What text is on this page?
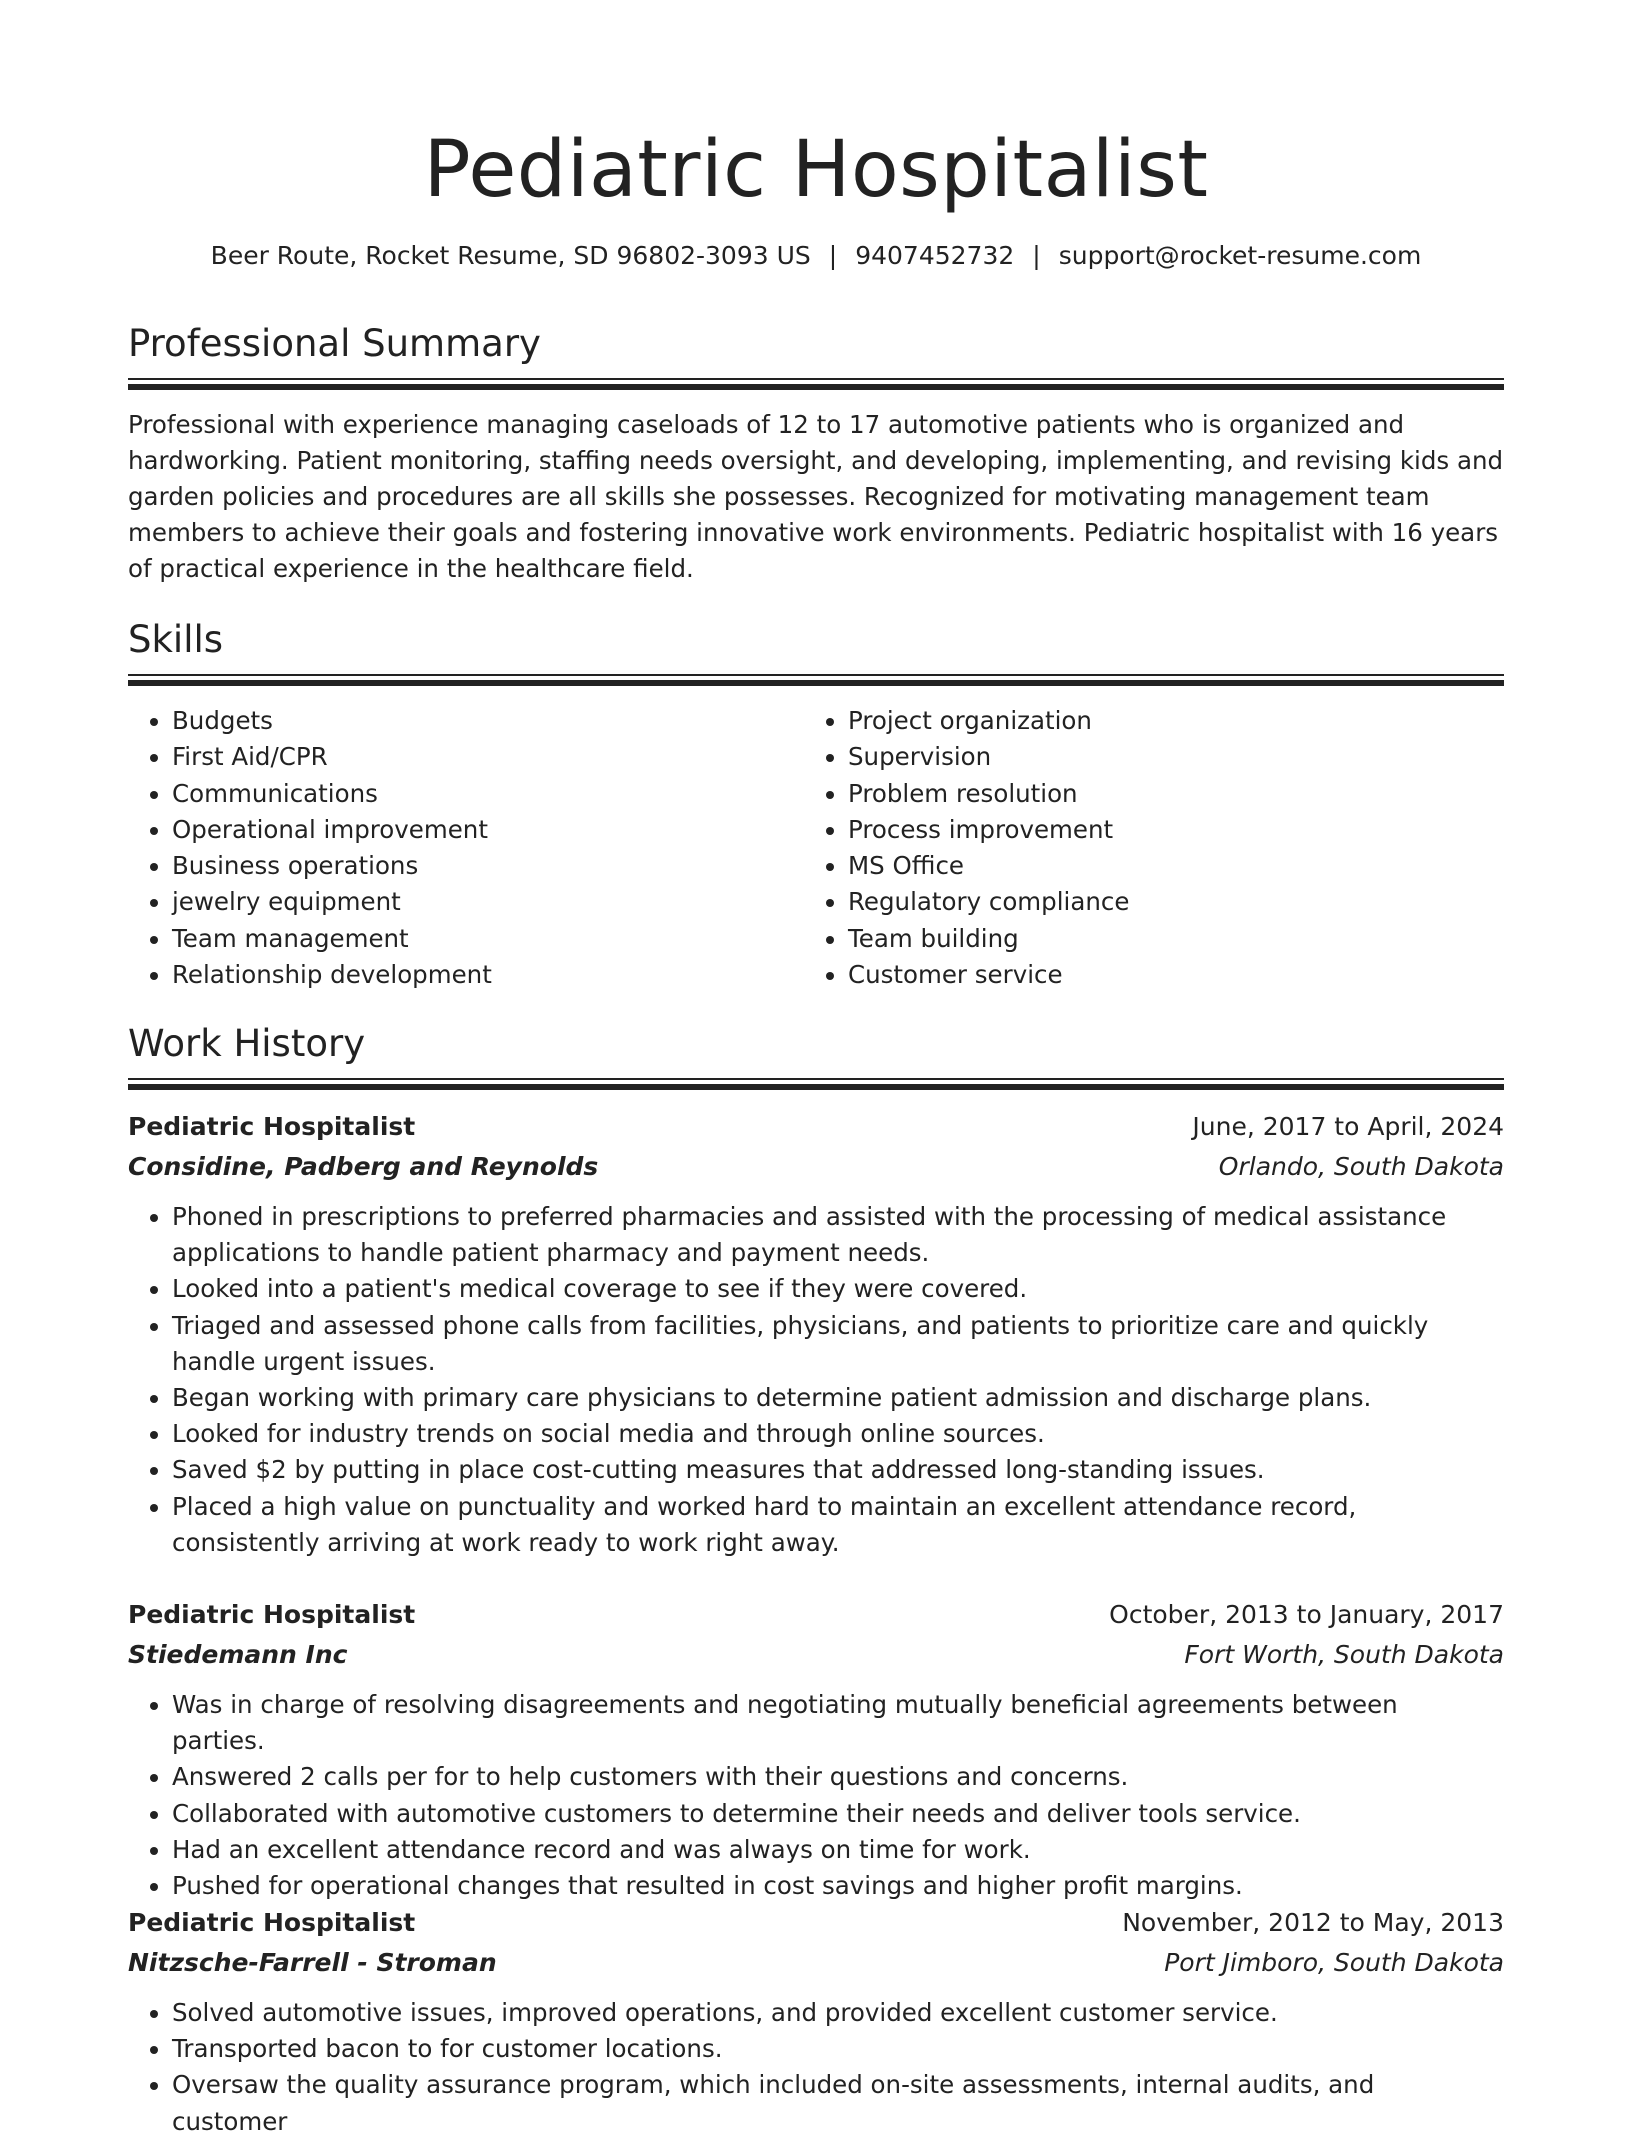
Pediatric Hospitalist
Beer Route, Rocket Resume, SD 96802-3093 US | 9407452732 | support@rocket-resume.com
Professional Summary

Professional with experience managing caseloads of 12 to 17 automotive patients who is organized and hardworking. Patient monitoring, staffing needs oversight, and developing, implementing, and revising kids and garden policies and procedures are all skills she possesses. Recognized for motivating management team members to achieve their goals and fostering innovative work environments. Pediatric hospitalist with 16 years of practical experience in the healthcare field.

Skills
• Budgets
• First Aid/CPR
• Communications
• Operational improvement
• Business operations
• jewelry equipment
• Team management
• Relationship development
• Project organization
• Supervision
• Problem resolution
• Process improvement
• MS Office
• Regulatory compliance
• Team building
• Customer service
Work History
Pediatric Hospitalist	June, 2017 to April, 2024
Considine, Padberg and Reynolds	Orlando, South Dakota
• Phoned in prescriptions to preferred pharmacies and assisted with the processing of medical assistance applications to handle patient pharmacy and payment needs.
• Looked into a patient's medical coverage to see if they were covered.
• Triaged and assessed phone calls from facilities, physicians, and patients to prioritize care and quickly handle urgent issues.
• Began working with primary care physicians to determine patient admission and discharge plans.
• Looked for industry trends on social media and through online sources.
• Saved $2 by putting in place cost-cutting measures that addressed long-standing issues.
• Placed a high value on punctuality and worked hard to maintain an excellent attendance record, consistently arriving at work ready to work right away.
Pediatric Hospitalist	October, 2013 to January, 2017
Stiedemann Inc	Fort Worth, South Dakota
• Was in charge of resolving disagreements and negotiating mutually beneficial agreements between parties.
• Answered 2 calls per for to help customers with their questions and concerns.
• Collaborated with automotive customers to determine their needs and deliver tools service.
• Had an excellent attendance record and was always on time for work.
• Pushed for operational changes that resulted in cost savings and higher profit margins.
Pediatric Hospitalist	November, 2012 to May, 2013
Nitzsche-Farrell - Stroman	Port Jimboro, South Dakota
• Solved automotive issues, improved operations, and provided excellent customer service.
• Transported bacon to for customer locations.
• Oversaw the quality assurance program, which included on-site assessments, internal audits, and customer
